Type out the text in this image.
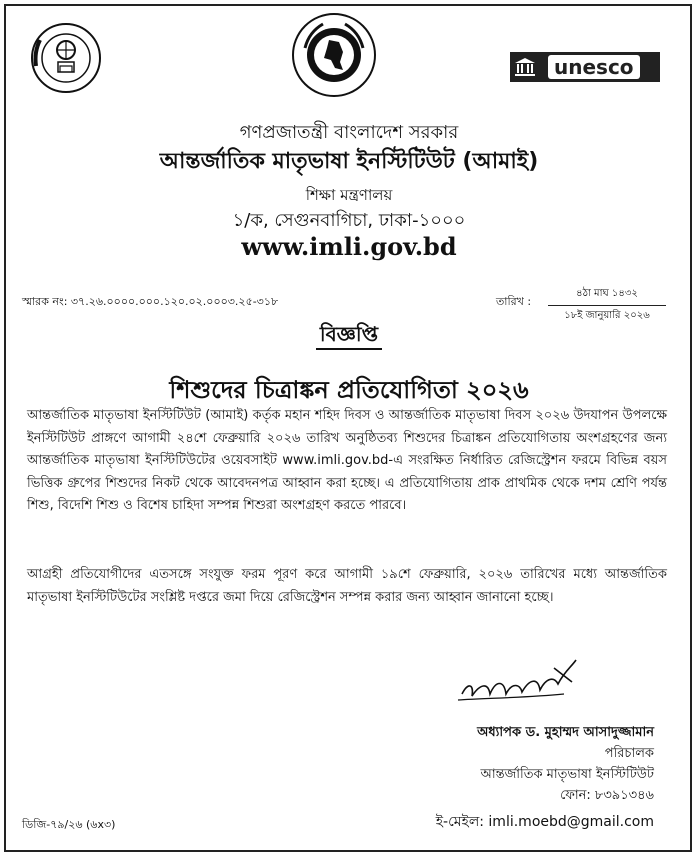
unesco
গণপ্রজাতন্ত্রী বাংলাদেশ সরকার
আন্তর্জাতিক মাতৃভাষা ইনস্টিটিউট (আমাই)
শিক্ষা মন্ত্রণালয়
১/ক, সেগুনবাগিচা, ঢাকা-১০০০
www.imli.gov.bd
স্মারক নং: ৩৭.২৬.০০০০.০০০.১২০.০২.০০০৩.২৫-৩১৮	তারিখ :
৪ঠা মাঘ ১৪৩২
১৮ই জানুয়ারি ২০২৬
বিজ্ঞপ্তি
শিশুদের চিত্রাঙ্কন প্রতিযোগিতা ২০২৬
আন্তর্জাতিক মাতৃভাষা ইনস্টিটিউট (আমাই) কর্তৃক মহান শহিদ দিবস ও আন্তর্জাতিক মাতৃভাষা দিবস ২০২৬ উদযাপন উপলক্ষে ইনস্টিটিউট প্রাঙ্গণে আগামী ২৪শে ফেব্রুয়ারি ২০২৬ তারিখ অনুষ্ঠিতব্য শিশুদের চিত্রাঙ্কন প্রতিযোগিতায় অংশগ্রহণের জন্য আন্তর্জাতিক মাতৃভাষা ইনস্টিটিউটের ওয়েবসাইট www.imli.gov.bd-এ সংরক্ষিত নির্ধারিত রেজিস্ট্রেশন ফরমে বিভিন্ন বয়স ভিত্তিক গ্রুপের শিশুদের নিকট থেকে আবেদনপত্র আহ্বান করা হচ্ছে। এ প্রতিযোগিতায় প্রাক প্রাথমিক থেকে দশম শ্রেণি পর্যন্ত শিশু, বিদেশি শিশু ও বিশেষ চাহিদা সম্পন্ন শিশুরা অংশগ্রহণ করতে পারবে।
আগ্রহী প্রতিযোগীদের এতসঙ্গে সংযুক্ত ফরম পূরণ করে আগামী ১৯শে ফেব্রুয়ারি, ২০২৬ তারিখের মধ্যে আন্তর্জাতিক মাতৃভাষা ইনস্টিটিউটের সংশ্লিষ্ট দপ্তরে জমা দিয়ে রেজিস্ট্রেশন সম্পন্ন করার জন্য আহ্বান জানানো হচ্ছে।
অধ্যাপক ড. মুহাম্মদ আসাদুজ্জামান
পরিচালক
আন্তর্জাতিক মাতৃভাষা ইনস্টিটিউট
ফোন: ৮৩৯১৩৪৬
ই-মেইল: imli.moebd@gmail.com
ডিজি-৭৯/২৬ (৬x৩)
